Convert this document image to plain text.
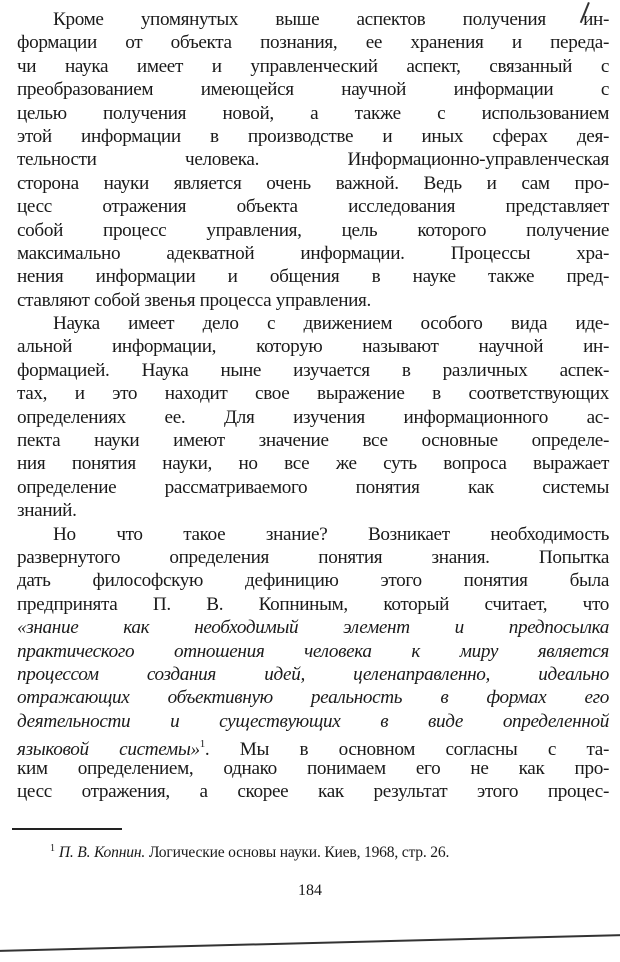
Кроме упомянутых выше аспектов получения ин-
формации от объекта познания, ее хранения и переда-
чи наука имеет и управленческий аспект, связанный с
преобразованием имеющейся научной информации с
целью получения новой, а также с использованием
этой информации в производстве и иных сферах дея-
тельности человека. Информационно-управленческая
сторона науки является очень важной. Ведь и сам про-
цесс отражения объекта исследования представляет
собой процесс управления, цель которого получение
максимально адекватной информации. Процессы хра-
нения информации и общения в науке также пред-
ставляют собой звенья процесса управления.
Наука имеет дело с движением особого вида иде-
альной информации, которую называют научной ин-
формацией. Наука ныне изучается в различных аспек-
тах, и это находит свое выражение в соответствующих
определениях ее. Для изучения информационного ас-
пекта науки имеют значение все основные определе-
ния понятия науки, но все же суть вопроса выражает
определение рассматриваемого понятия как системы
знаний.
Но что такое знание? Возникает необходимость
развернутого определения понятия знания. Попытка
дать философскую дефиницию этого понятия была
предпринята П. В. Копниным, который считает, что
«знание как необходимый элемент и предпосылка
практического отношения человека к миру является
процессом создания идей, целенаправленно, идеально
отражающих объективную реальность в формах его
деятельности и существующих в виде определенной
языковой системы»$^1$. Мы в основном согласны с та-
ким определением, однако понимаем его не как про-
цесс отражения, а скорее как результат этого процес-
$^1$ П. В. Копнин. Логические основы науки. Киев, 1968, стр. 26.
184
